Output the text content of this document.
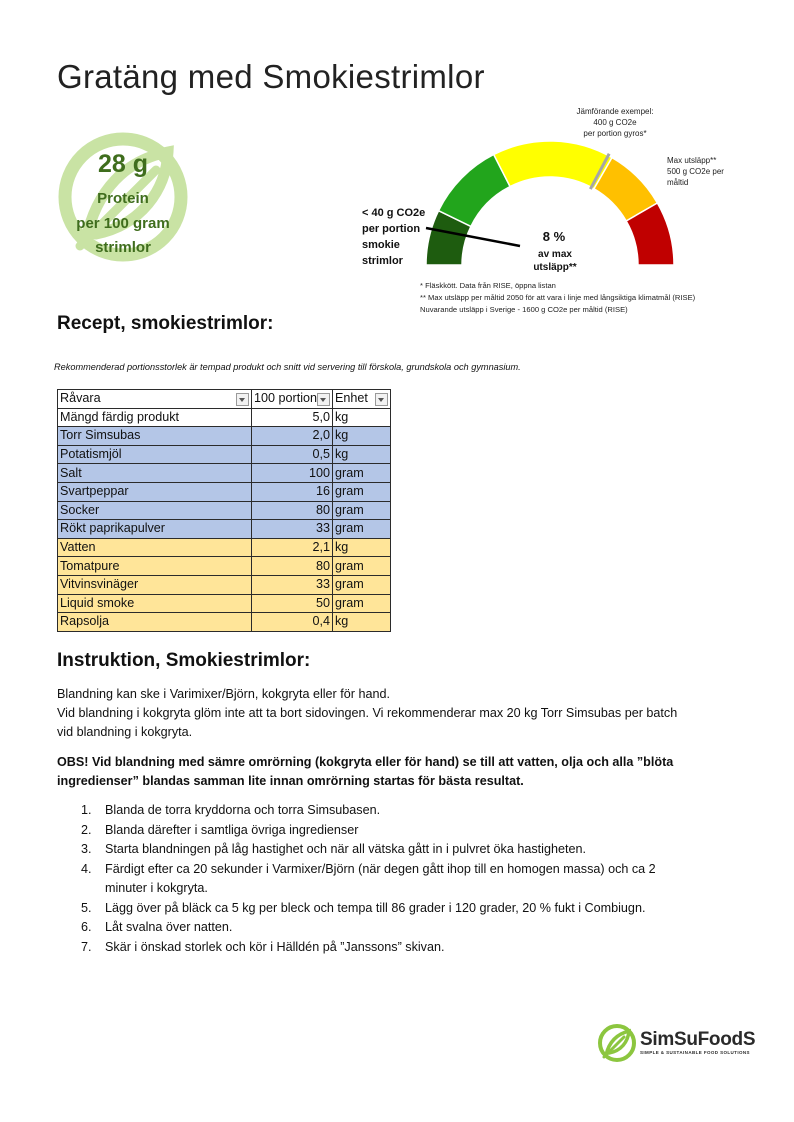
Gratäng med Smokiestrimlor
28 g
Protein
per 100 gram
strimlor
Jämförande exempel:
400 g CO2e
per portion gyros*
Max utsläpp**
500 g CO2e per
måltid
< 40 g CO2e
per portion
smokie
strimlor
8 %
av max
utsläpp**
* Fläskkött. Data från RISE, öppna listan
** Max utsläpp per måltid 2050 för att vara i linje med långsiktiga klimatmål (RISE)
Nuvarande utsläpp i Sverige - 1600 g CO2e per måltid (RISE)
Recept, smokiestrimlor:
Rekommenderad portionsstorlek är tempad produkt och snitt vid servering till förskola, grundskola och gymnasium.
Råvara	100 portion	Enhet

Mängd färdig produkt	5,0	kg
Torr Simsubas	2,0	kg
Potatismjöl	0,5	kg
Salt	100	gram
Svartpeppar	16	gram
Socker	80	gram
Rökt paprikapulver	33	gram
Vatten	2,1	kg
Tomatpure	80	gram
Vitvinsvinäger	33	gram
Liquid smoke	50	gram
Rapsolja	0,4	kg
Instruktion, Smokiestrimlor:
Blandning kan ske i Varimixer/Björn, kokgryta eller för hand.
Vid blandning i kokgryta glöm inte att ta bort sidovingen. Vi rekommenderar max 20 kg Torr Simsubas per batch
vid blandning i kokgryta.
OBS! Vid blandning med sämre omrörning (kokgryta eller för hand) se till att vatten, olja och alla ”blöta
ingredienser” blandas samman lite innan omrörning startas för bästa resultat.
1. Blanda de torra kryddorna och torra Simsubasen.
2. Blanda därefter i samtliga övriga ingredienser
3. Starta blandningen på låg hastighet och när all vätska gått in i pulvret öka hastigheten.
4. Färdigt efter ca 20 sekunder i Varmixer/Björn (när degen gått ihop till en homogen massa) och ca 2
minuter i kokgryta.
5. Lägg över på bläck ca 5 kg per bleck och tempa till 86 grader i 120 grader, 20 % fukt i Combiugn.
6. Låt svalna över natten.
7. Skär i önskad storlek och kör i Hälldén på ”Janssons” skivan.
SimSuFoodS
SIMPLE & SUSTAINABLE FOOD SOLUTIONS
